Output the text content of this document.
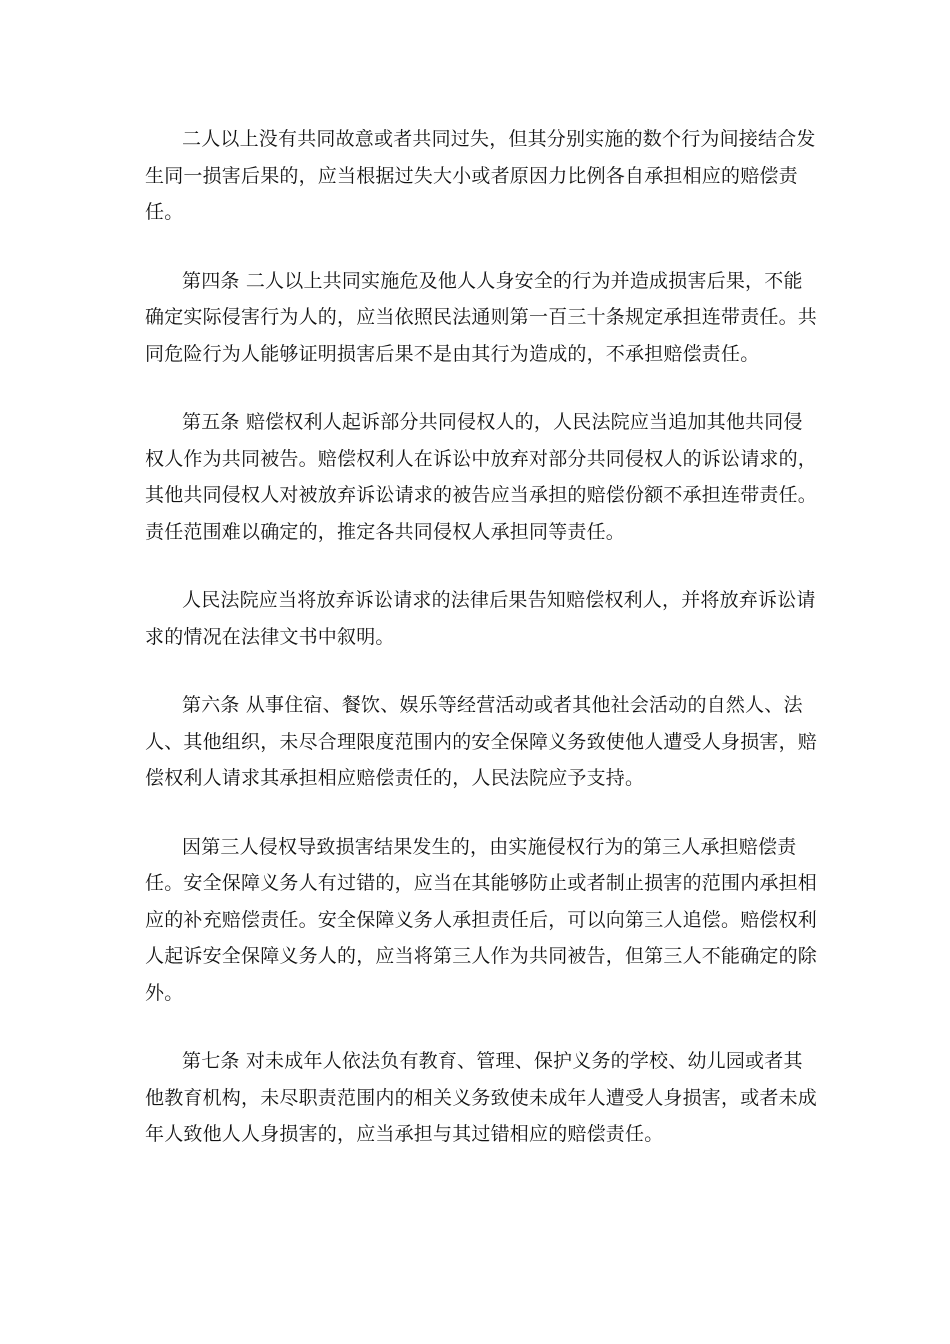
二人以上没有共同故意或者共同过失，但其分别实施的数个行为间接结合发
生同一损害后果的，应当根据过失大小或者原因力比例各自承担相应的赔偿责
任。
第四条 二人以上共同实施危及他人人身安全的行为并造成损害后果，不能
确定实际侵害行为人的，应当依照民法通则第一百三十条规定承担连带责任。共
同危险行为人能够证明损害后果不是由其行为造成的，不承担赔偿责任。
第五条 赔偿权利人起诉部分共同侵权人的，人民法院应当追加其他共同侵
权人作为共同被告。赔偿权利人在诉讼中放弃对部分共同侵权人的诉讼请求的，
其他共同侵权人对被放弃诉讼请求的被告应当承担的赔偿份额不承担连带责任。
责任范围难以确定的，推定各共同侵权人承担同等责任。
人民法院应当将放弃诉讼请求的法律后果告知赔偿权利人，并将放弃诉讼请
求的情况在法律文书中叙明。
第六条 从事住宿、餐饮、娱乐等经营活动或者其他社会活动的自然人、法
人、其他组织，未尽合理限度范围内的安全保障义务致使他人遭受人身损害，赔
偿权利人请求其承担相应赔偿责任的，人民法院应予支持。
因第三人侵权导致损害结果发生的，由实施侵权行为的第三人承担赔偿责
任。安全保障义务人有过错的，应当在其能够防止或者制止损害的范围内承担相
应的补充赔偿责任。安全保障义务人承担责任后，可以向第三人追偿。赔偿权利
人起诉安全保障义务人的，应当将第三人作为共同被告，但第三人不能确定的除
外。
第七条 对未成年人依法负有教育、管理、保护义务的学校、幼儿园或者其
他教育机构，未尽职责范围内的相关义务致使未成年人遭受人身损害，或者未成
年人致他人人身损害的，应当承担与其过错相应的赔偿责任。
